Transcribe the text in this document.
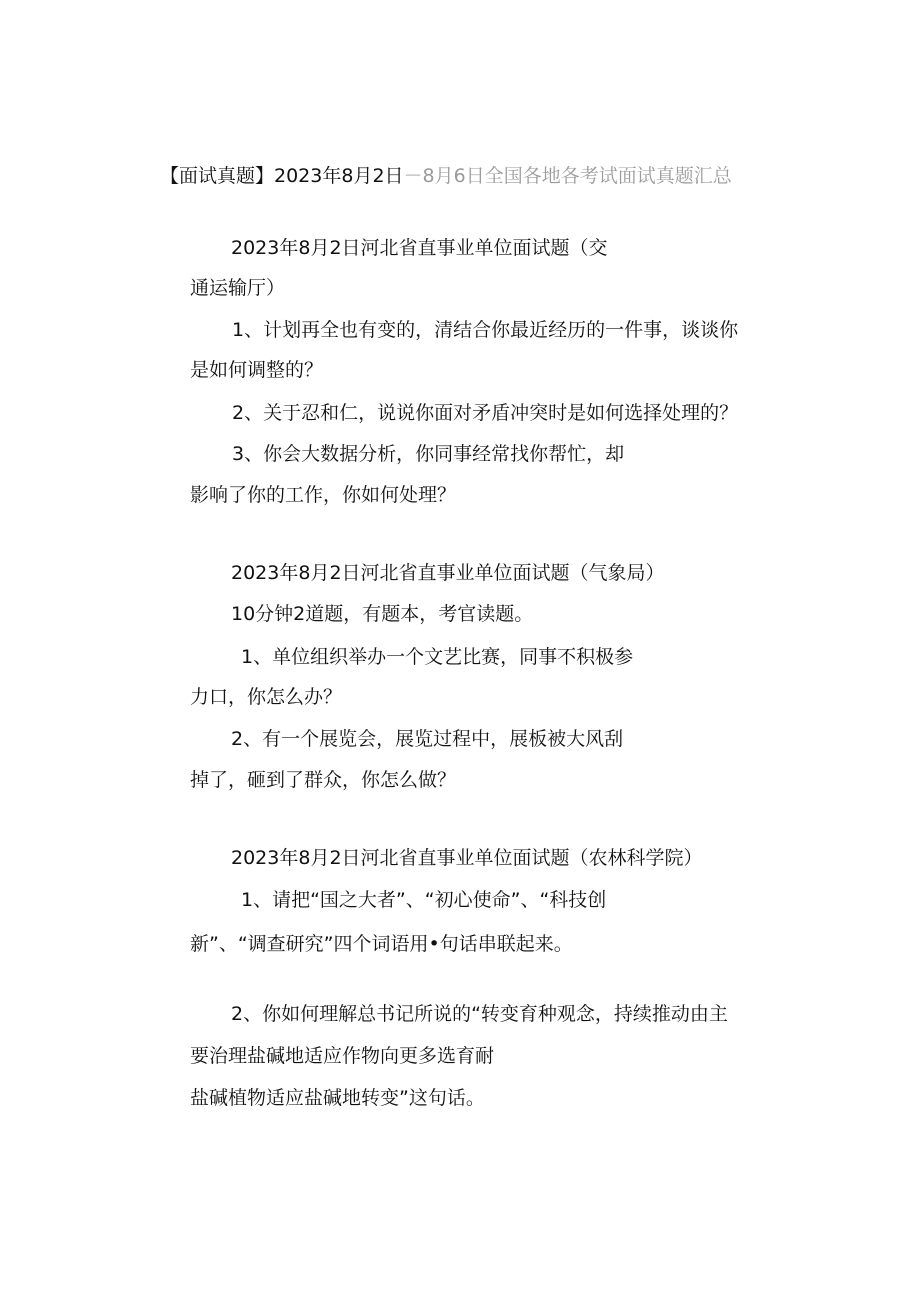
【面试真题】2023年8月2日－8月6日全国各地各考试面试真题汇总
2023年8月2日河北省直事业单位面试题（交
通运输厅）
1、计划再全也有变的，清结合你最近经历的一件事，谈谈你
是如何调整的？
2、关于忍和仁，说说你面对矛盾冲突时是如何选择处理的？
3、你会大数据分析，你同事经常找你帮忙，却
影响了你的工作，你如何处理？
2023年8月2日河北省直事业单位面试题（气象局）
10分钟2道题，有题本，考官读题。
1、单位组织举办一个文艺比赛，同事不积极参
力口，你怎么办？
2、有一个展览会，展览过程中，展板被大风刮
掉了，砸到了群众，你怎么做？
2023年8月2日河北省直事业单位面试题（农林科学院）
1、请把“国之大者”、“初心使命”、“科技创
新”、“调查研究”四个词语用•句话串联起来。
2、你如何理解总书记所说的“转变育种观念，持续推动由主
要治理盐碱地适应作物向更多选育耐
盐碱植物适应盐碱地转变”这句话。
